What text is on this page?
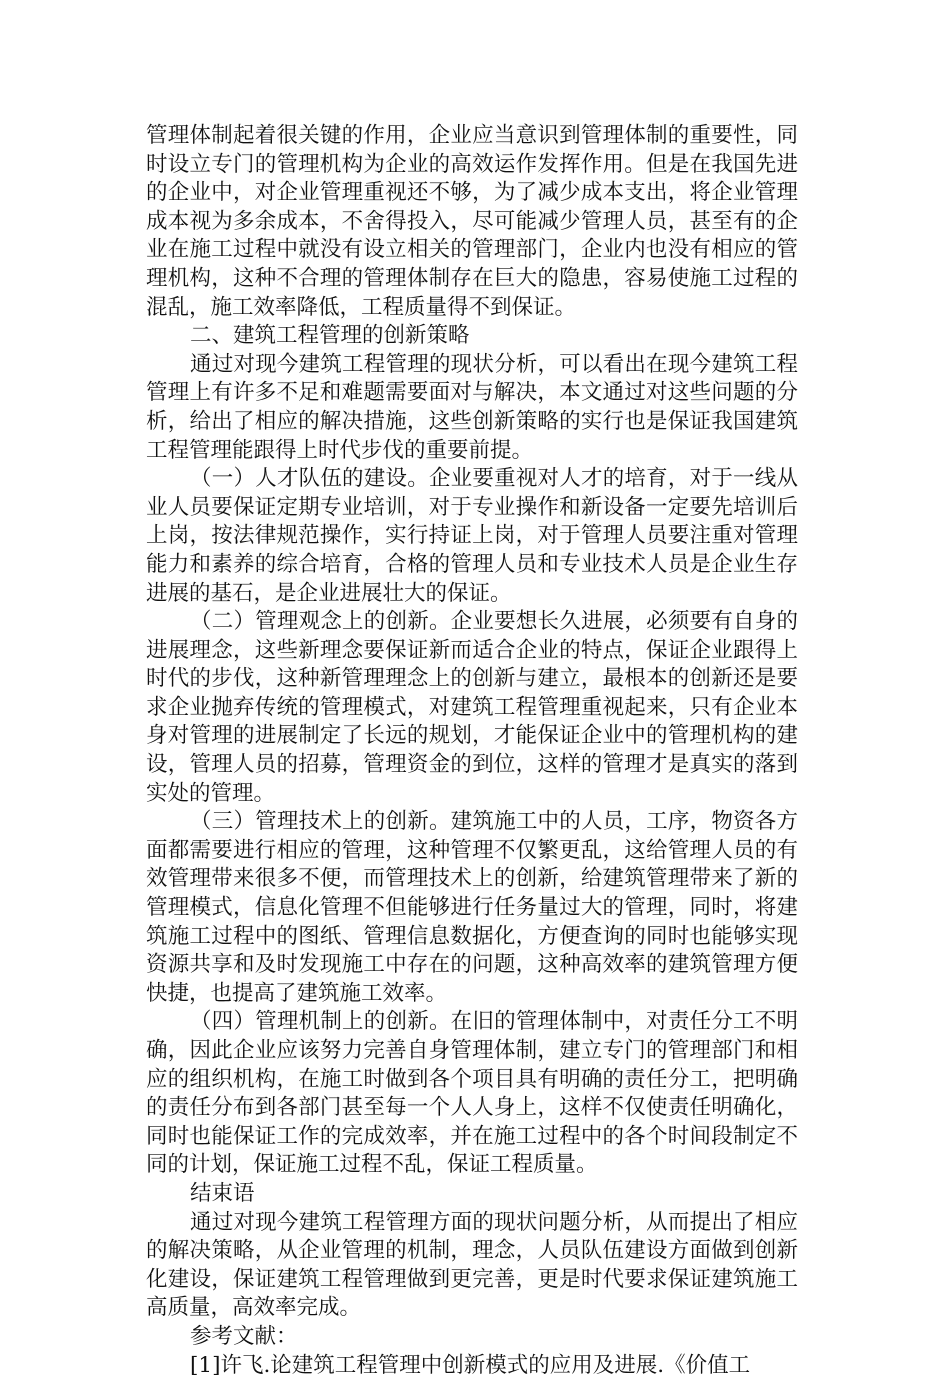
管理体制起着很关键的作用，企业应当意识到管理体制的重要性，同时设立专门的管理机构为企业的高效运作发挥作用。但是在我国先进的企业中，对企业管理重视还不够，为了减少成本支出，将企业管理成本视为多余成本，不舍得投入，尽可能减少管理人员，甚至有的企业在施工过程中就没有设立相关的管理部门，企业内也没有相应的管理机构，这种不合理的管理体制存在巨大的隐患，容易使施工过程的混乱，施工效率降低，工程质量得不到保证。

二、建筑工程管理的创新策略

通过对现今建筑工程管理的现状分析，可以看出在现今建筑工程管理上有许多不足和难题需要面对与解决，本文通过对这些问题的分析，给出了相应的解决措施，这些创新策略的实行也是保证我国建筑工程管理能跟得上时代步伐的重要前提。

（一）人才队伍的建设。企业要重视对人才的培育，对于一线从业人员要保证定期专业培训，对于专业操作和新设备一定要先培训后上岗，按法律规范操作，实行持证上岗，对于管理人员要注重对管理能力和素养的综合培育，合格的管理人员和专业技术人员是企业生存进展的基石，是企业进展壮大的保证。

（二）管理观念上的创新。企业要想长久进展，必须要有自身的进展理念，这些新理念要保证新而适合企业的特点，保证企业跟得上时代的步伐，这种新管理理念上的创新与建立，最根本的创新还是要求企业抛弃传统的管理模式，对建筑工程管理重视起来，只有企业本身对管理的进展制定了长远的规划，才能保证企业中的管理机构的建设，管理人员的招募，管理资金的到位，这样的管理才是真实的落到实处的管理。

（三）管理技术上的创新。建筑施工中的人员，工序，物资各方面都需要进行相应的管理，这种管理不仅繁更乱，这给管理人员的有效管理带来很多不便，而管理技术上的创新，给建筑管理带来了新的管理模式，信息化管理不但能够进行任务量过大的管理，同时，将建筑施工过程中的图纸、管理信息数据化，方便查询的同时也能够实现资源共享和及时发现施工中存在的问题，这种高效率的建筑管理方便快捷，也提高了建筑施工效率。

（四）管理机制上的创新。在旧的管理体制中，对责任分工不明确，因此企业应该努力完善自身管理体制，建立专门的管理部门和相应的组织机构，在施工时做到各个项目具有明确的责任分工，把明确的责任分布到各部门甚至每一个人人身上，这样不仅使责任明确化，同时也能保证工作的完成效率，并在施工过程中的各个时间段制定不同的计划，保证施工过程不乱，保证工程质量。

结束语

通过对现今建筑工程管理方面的现状问题分析，从而提出了相应的解决策略，从企业管理的机制，理念，人员队伍建设方面做到创新化建设，保证建筑工程管理做到更完善，更是时代要求保证建筑施工高质量，高效率完成。

参考文献：

[1]许飞.论建筑工程管理中创新模式的应用及进展.《价值工
